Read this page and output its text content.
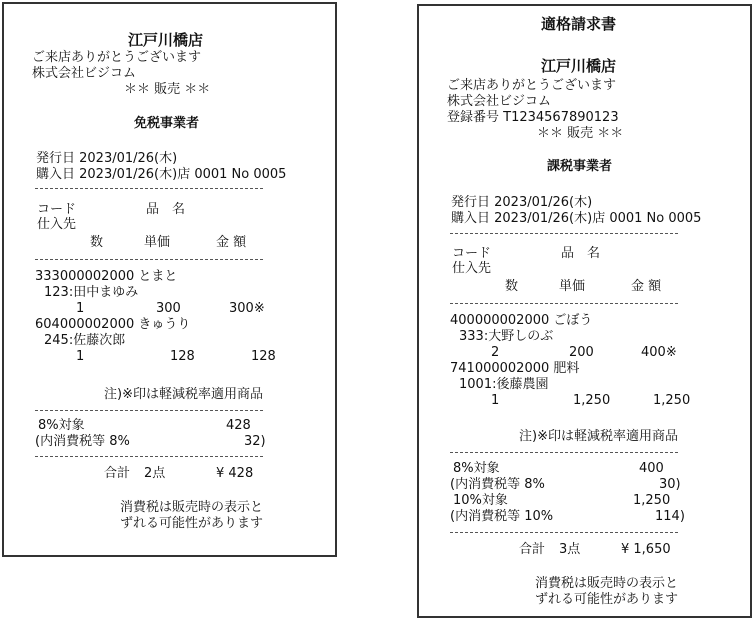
江戸川橋店
ご来店ありがとうございます
株式会社ビジコム
＊＊ 販売 ＊＊
免税事業者
発行日 2023/01/26(木)
購入日 2023/01/26(木)店 0001 No 0005
コード	品　名
仕入先
数	単価	金 額
333000002000 とまと
123:田中まゆみ
1	300	300※
604000002000 きゅうり
245:佐藤次郎
1	128	128
注)※印は軽減税率適用商品
8%対象	428
(内消費税等 8%	32)
合計 2点	¥ 428
消費税は販売時の表示と
ずれる可能性があります
適格請求書
江戸川橋店
ご来店ありがとうございます
株式会社ビジコム
登録番号 T1234567890123
＊＊ 販売 ＊＊
課税事業者
発行日 2023/01/26(木)
購入日 2023/01/26(木)店 0001 No 0005
コード	品　名
仕入先
数	単価	金 額
400000002000 ごぼう
333:大野しのぶ
2	200	400※
741000002000 肥料
1001:後藤農園
1	1,250	1,250
注)※印は軽減税率適用商品
8%対象	400
(内消費税等 8%	30)
10%対象	1,250
(内消費税等 10%	114)
合計 3点	¥ 1,650
消費税は販売時の表示と
ずれる可能性があります
